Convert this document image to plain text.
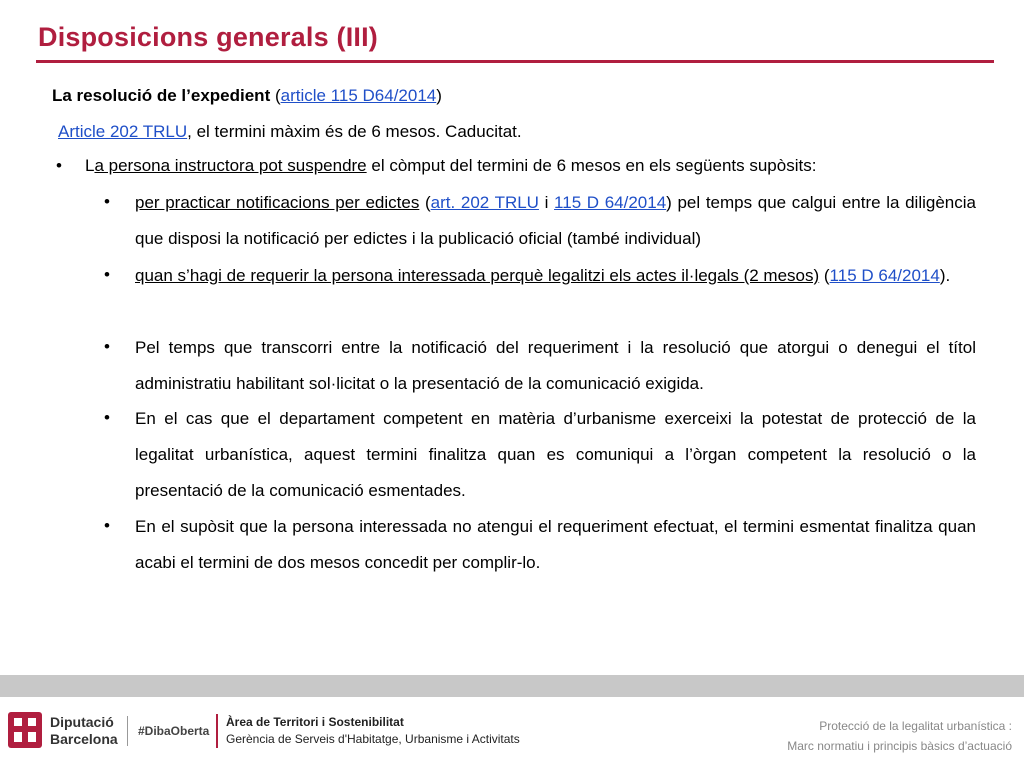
Disposicions generals (III)
La resolució de l’expedient (article 115 D64/2014)
Article 202 TRLU, el termini màxim és de 6 mesos. Caducitat.
• La persona instructora pot suspendre el còmput del termini de 6 mesos en els següents supòsits:
• per practicar notificacions per edictes (art. 202 TRLU i 115 D 64/2014) pel temps que calgui entre la diligència que disposi la notificació per edictes i la publicació oficial (també individual)
• quan s’hagi de requerir la persona interessada perquè legalitzi els actes il·legals (2 mesos) (115 D 64/2014).
• Pel temps que transcorri entre la notificació del requeriment i la resolució que atorgui o denegui el títol administratiu habilitant sol·licitat o la presentació de la comunicació exigida.
• En el cas que el departament competent en matèria d’urbanisme exerceixi la potestat de protecció de la legalitat urbanística, aquest termini finalitza quan es comuniqui a l’òrgan competent la resolució o la presentació de la comunicació esmentades.
• En el supòsit que la persona interessada no atengui el requeriment efectuat, el termini esmentat finalitza quan acabi el termini de dos mesos concedit per complir-lo.
Diputació
Barcelona #DibaOberta
Àrea de Territori i Sostenibilitat
Gerència de Serveis d'Habitatge, Urbanisme i Activitats
Protecció de la legalitat urbanística :
Marc normatiu i principis bàsics d’actuació
